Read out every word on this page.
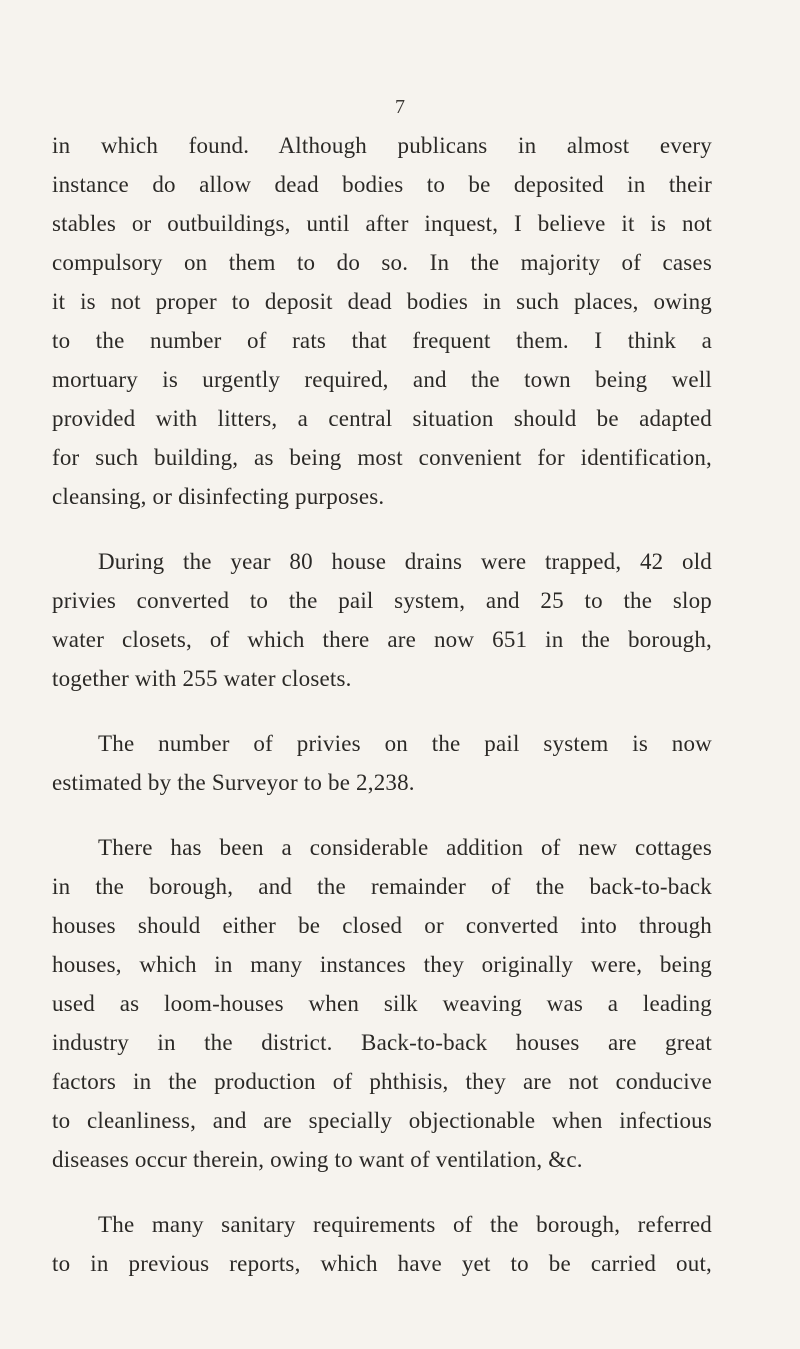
7
in which found. Although publicans in almost every
instance do allow dead bodies to be deposited in their
stables or outbuildings, until after inquest, I believe it is not
compulsory on them to do so. In the majority of cases
it is not proper to deposit dead bodies in such places, owing
to the number of rats that frequent them. I think a
mortuary is urgently required, and the town being well
provided with litters, a central situation should be adapted
for such building, as being most convenient for identification,
cleansing, or disinfecting purposes.
During the year 80 house drains were trapped, 42 old
privies converted to the pail system, and 25 to the slop
water closets, of which there are now 651 in the borough,
together with 255 water closets.
The number of privies on the pail system is now
estimated by the Surveyor to be 2,238.
There has been a considerable addition of new cottages
in the borough, and the remainder of the back-to-back
houses should either be closed or converted into through
houses, which in many instances they originally were, being
used as loom-houses when silk weaving was a leading
industry in the district. Back-to-back houses are great
factors in the production of phthisis, they are not conducive
to cleanliness, and are specially objectionable when infectious
diseases occur therein, owing to want of ventilation, &c.
The many sanitary requirements of the borough, referred
to in previous reports, which have yet to be carried out,
